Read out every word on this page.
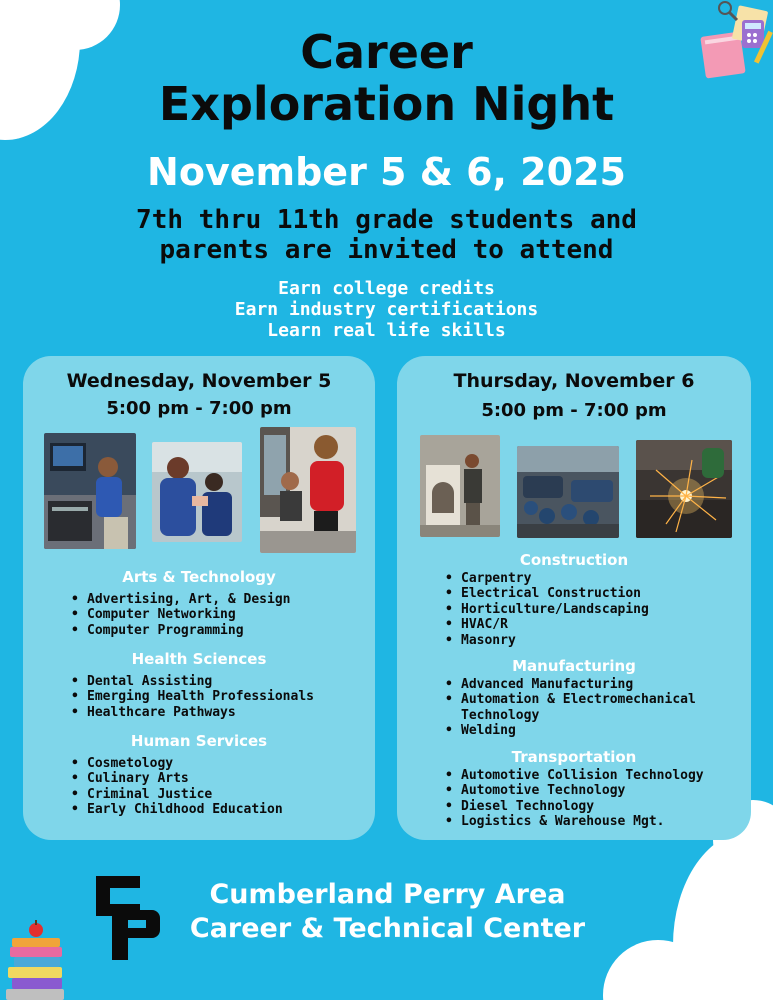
Career
Exploration Night
November 5 & 6, 2025
7th thru 11th grade students and
parents are invited to attend
Earn college credits
Earn industry certifications
Learn real life skills
Wednesday, November 5
5:00 pm - 7:00 pm
Arts & Technology
• Advertising, Art, & Design
• Computer Networking
• Computer Programming
Health Sciences
• Dental Assisting
• Emerging Health Professionals
• Healthcare Pathways
Human Services
• Cosmetology
• Culinary Arts
• Criminal Justice
• Early Childhood Education
Thursday, November 6
5:00 pm - 7:00 pm
Construction
• Carpentry
• Electrical Construction
• Horticulture/Landscaping
• HVAC/R
• Masonry
Manufacturing
• Advanced Manufacturing
• Automation & Electromechanical
Technology
• Welding
Transportation
• Automotive Collision Technology
• Automotive Technology
• Diesel Technology
• Logistics & Warehouse Mgt.
Cumberland Perry Area
Career & Technical Center
